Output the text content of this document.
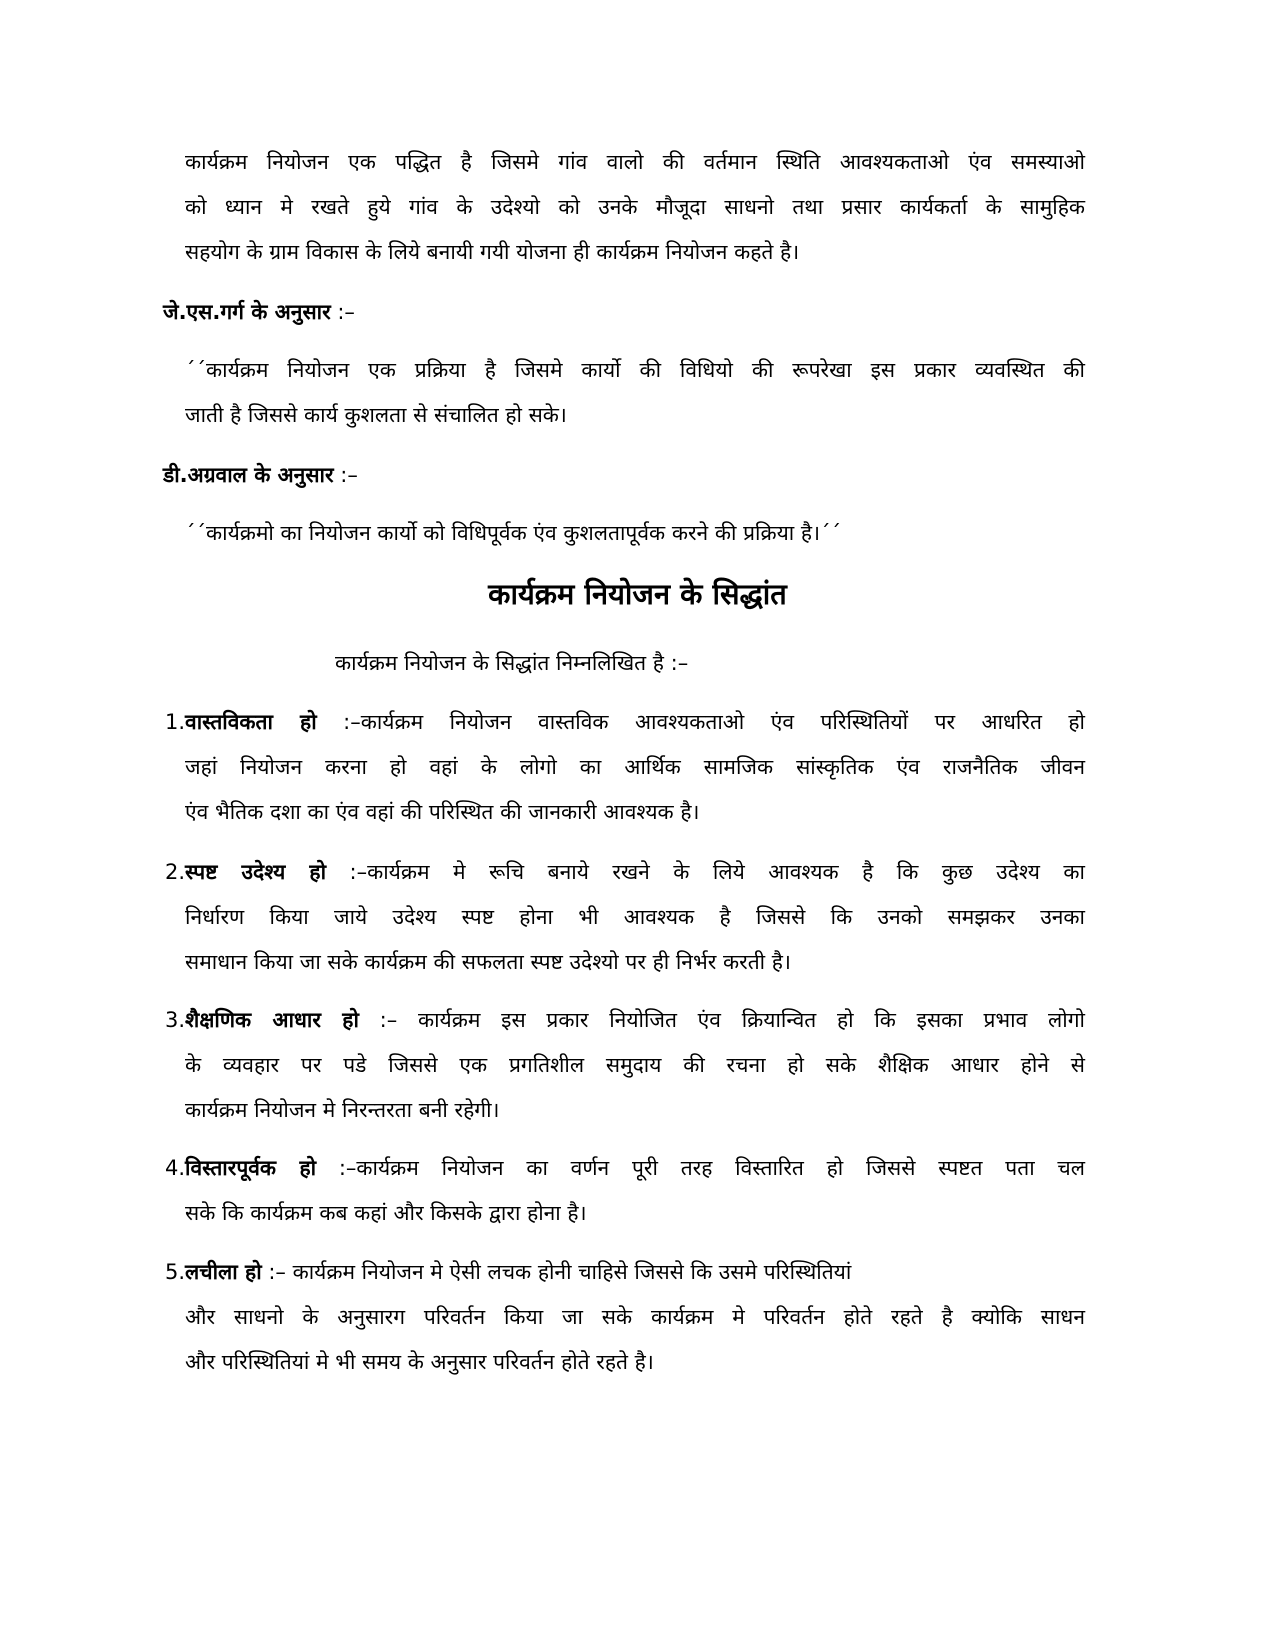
कार्यक्रम नियोजन एक पद्धित है जिसमे गांव वालो की वर्तमान स्थिति आवश्यकताओ एंव समस्याओ
को ध्यान मे रखते हुये गांव के उदेश्यो को उनके मौजूदा साधनो तथा प्रसार कार्यकर्ता के सामुहिक
सहयोग के ग्राम विकास के लिये बनायी गयी योजना ही कार्यक्रम नियोजन कहते है।
जे.एस.गर्ग के अनुसार :–
´´कार्यक्रम नियोजन एक प्रक्रिया है जिसमे कार्यो की विधियो की रूपरेखा इस प्रकार व्यवस्थित की
जाती है जिससे कार्य कुशलता से संचालित हो सके।
डी.अग्रवाल के अनुसार :–
´´कार्यक्रमो का नियोजन कार्यो को विधिपूर्वक एंव कुशलतापूर्वक करने की प्रक्रिया है।´´
कार्यक्रम नियोजन के सिद्धांत
कार्यक्रम नियोजन के सिद्धांत निम्नलिखित है :–
1.वास्तविकता हो :–कार्यक्रम नियोजन वास्तविक आवश्यकताओ एंव परिस्थितियों पर आधरित हो
जहां नियोजन करना हो वहां के लोगो का आर्थिक सामजिक सांस्कृतिक एंव राजनैतिक जीवन
एंव भैतिक दशा का एंव वहां की परिस्थित की जानकारी आवश्यक है।
2.स्पष्ट उदेश्य हो :–कार्यक्रम मे रूचि बनाये रखने के लिये आवश्यक है कि कुछ उदेश्य का
निर्धारण किया जाये उदेश्य स्पष्ट होना भी आवश्यक है जिससे कि उनको समझकर उनका
समाधान किया जा सके कार्यक्रम की सफलता स्पष्ट उदेश्यो पर ही निर्भर करती है।
3.शैक्षणिक आधार हो :– कार्यक्रम इस प्रकार नियोजित एंव क्रियान्वित हो कि इसका प्रभाव लोगो
के व्यवहार पर पडे जिससे एक प्रगतिशील समुदाय की रचना हो सके शैक्षिक आधार होने से
कार्यक्रम नियोजन मे निरन्तरता बनी रहेगी।
4.विस्तारपूर्वक हो :–कार्यक्रम नियोजन का वर्णन पूरी तरह विस्तारित हो जिससे स्पष्टत पता चल
सके कि कार्यक्रम कब कहां और किसके द्वारा होना है।
5.लचीला हो :– कार्यक्रम नियोजन मे ऐसी लचक होनी चाहिसे जिससे कि उसमे परिस्थितियां
और साधनो के अनुसारग परिवर्तन किया जा सके कार्यक्रम मे परिवर्तन होते रहते है क्योकि साधन
और परिस्थितियां मे भी समय के अनुसार परिवर्तन होते रहते है।
